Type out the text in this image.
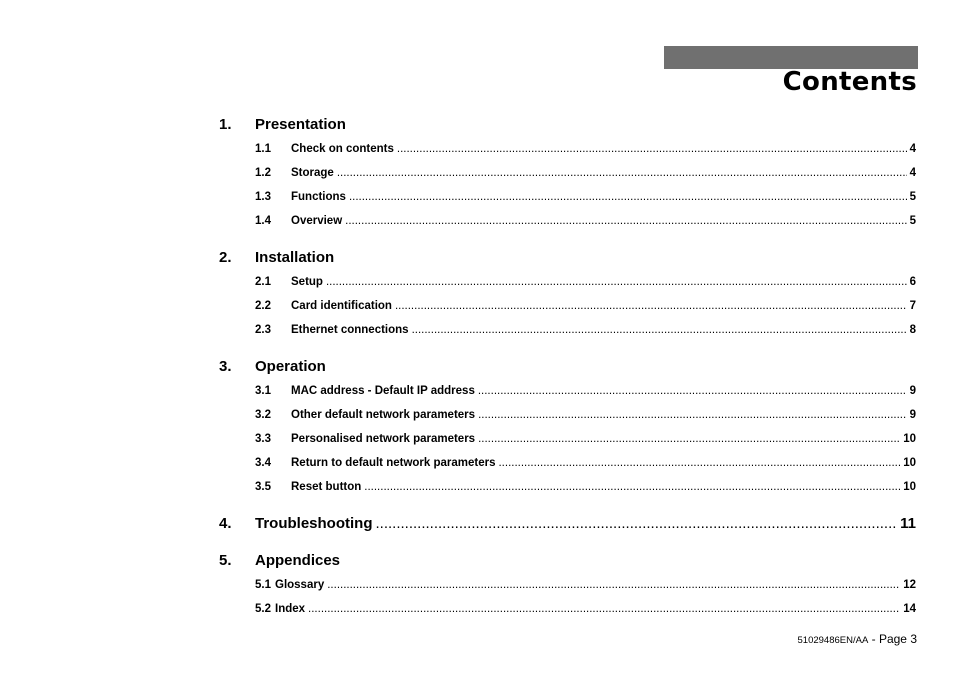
Contents
1. Presentation
1.1	Check on contents .....	4
1.2	Storage .....	4
1.3	Functions .....	5
1.4	Overview .....	5
2. Installation
2.1	Setup .....	6
2.2	Card identification .....	7
2.3	Ethernet connections .....	8
3. Operation
3.1	MAC address - Default IP address .....	9
3.2	Other default network parameters .....	9
3.3	Personalised network parameters .....	10
3.4	Return to default network parameters .....	10
3.5	Reset button .....	10
4.	Troubleshooting .....	11
5. Appendices
5.1 Glossary .....	12
5.2 Index .....	14
51029486EN/AA - Page 3
